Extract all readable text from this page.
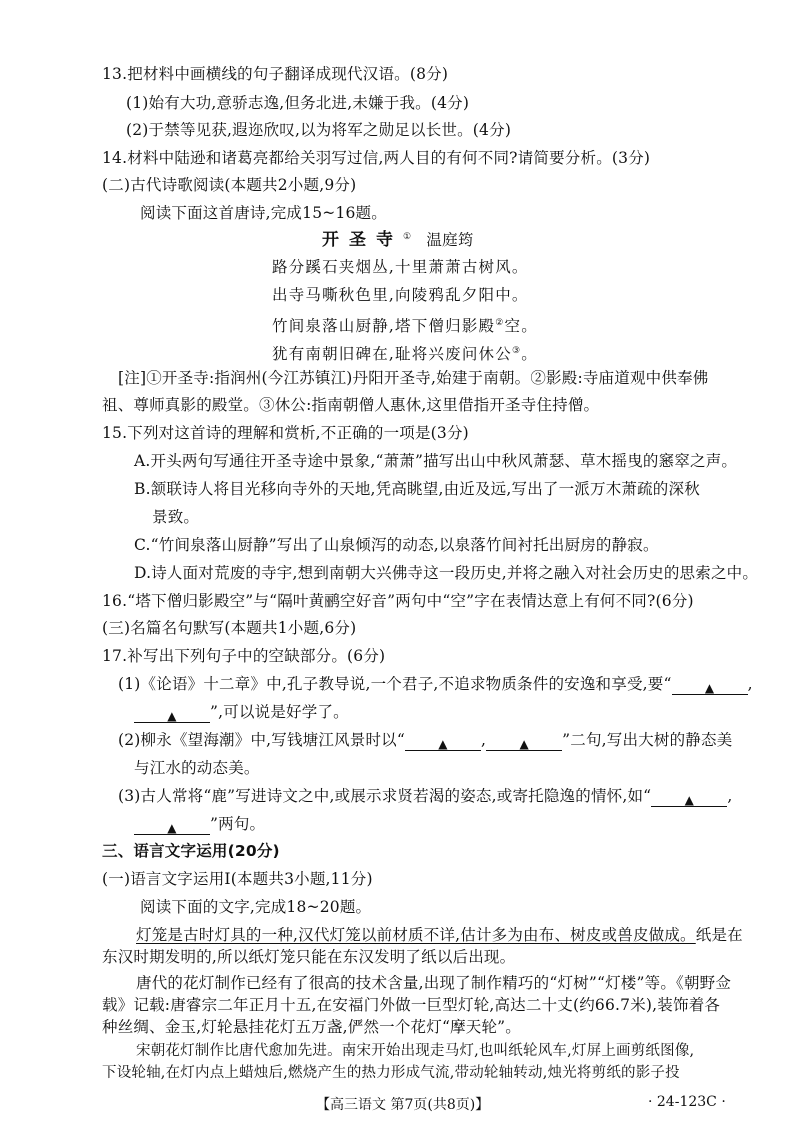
13.把材料中画横线的句子翻译成现代汉语。(8分)
(1)始有大功,意骄志逸,但务北进,未嫌于我。(4分)
(2)于禁等见获,遐迩欣叹,以为将军之勋足以长世。(4分)
14.材料中陆逊和诸葛亮都给关羽写过信,两人目的有何不同?请简要分析。(3分)
(二)古代诗歌阅读(本题共2小题,9分)
阅读下面这首唐诗,完成15~16题。
开圣寺① 温庭筠
路分蹊石夹烟丛,十里萧萧古树风。
出寺马嘶秋色里,向陵鸦乱夕阳中。
竹间泉落山厨静,塔下僧归影殿②空。
犹有南朝旧碑在,耻将兴废问休公③。
[注]①开圣寺:指润州(今江苏镇江)丹阳开圣寺,始建于南朝。②影殿:寺庙道观中供奉佛
祖、尊师真影的殿堂。③休公:指南朝僧人惠休,这里借指开圣寺住持僧。
15.下列对这首诗的理解和赏析,不正确的一项是(3分)
A.开头两句写通往开圣寺途中景象,“萧萧”描写出山中秋风萧瑟、草木摇曳的窸窣之声。
B.颔联诗人将目光移向寺外的天地,凭高眺望,由近及远,写出了一派万木萧疏的深秋
景致。
C.“竹间泉落山厨静”写出了山泉倾泻的动态,以泉落竹间衬托出厨房的静寂。
D.诗人面对荒废的寺宇,想到南朝大兴佛寺这一段历史,并将之融入对社会历史的思索之中。
16.“塔下僧归影殿空”与“隔叶黄鹂空好音”两句中“空”字在表情达意上有何不同?(6分)
(三)名篇名句默写(本题共1小题,6分)
17.补写出下列句子中的空缺部分。(6分)
(1)《论语》十二章》中,孔子教导说,一个君子,不追求物质条件的安逸和享受,要“	▲ ,
▲ ”,可以说是好学了。
(2)柳永《望海潮》中,写钱塘江风景时以“	▲ ,	▲ ”二句,写出大树的静态美
与江水的动态美。
(3)古人常将“鹿”写进诗文之中,或展示求贤若渴的姿态,或寄托隐逸的情怀,如“	▲ ,
▲ ”两句。
三、语言文字运用(20分)
(一)语言文字运用Ⅰ(本题共3小题,11分)
阅读下面的文字,完成18~20题。
灯笼是古时灯具的一种,汉代灯笼以前材质不详,估计多为由布、树皮或兽皮做成。纸是在
东汉时期发明的,所以纸灯笼只能在东汉发明了纸以后出现。
唐代的花灯制作已经有了很高的技术含量,出现了制作精巧的“灯树”“灯楼”等。《朝野佥
载》记载:唐睿宗二年正月十五,在安福门外做一巨型灯轮,高达二十丈(约66.7米),装饰着各
种丝绸、金玉,灯轮悬挂花灯五万盏,俨然一个花灯“摩天轮”。
宋朝花灯制作比唐代愈加先进。南宋开始出现走马灯,也叫纸轮风车,灯屏上画剪纸图像,
【高三语文 第7页(共8页)】	· 24-123C ·
下设轮轴,在灯内点上蜡烛后,燃烧产生的热力形成气流,带动轮轴转动,烛光将剪纸的影子投
